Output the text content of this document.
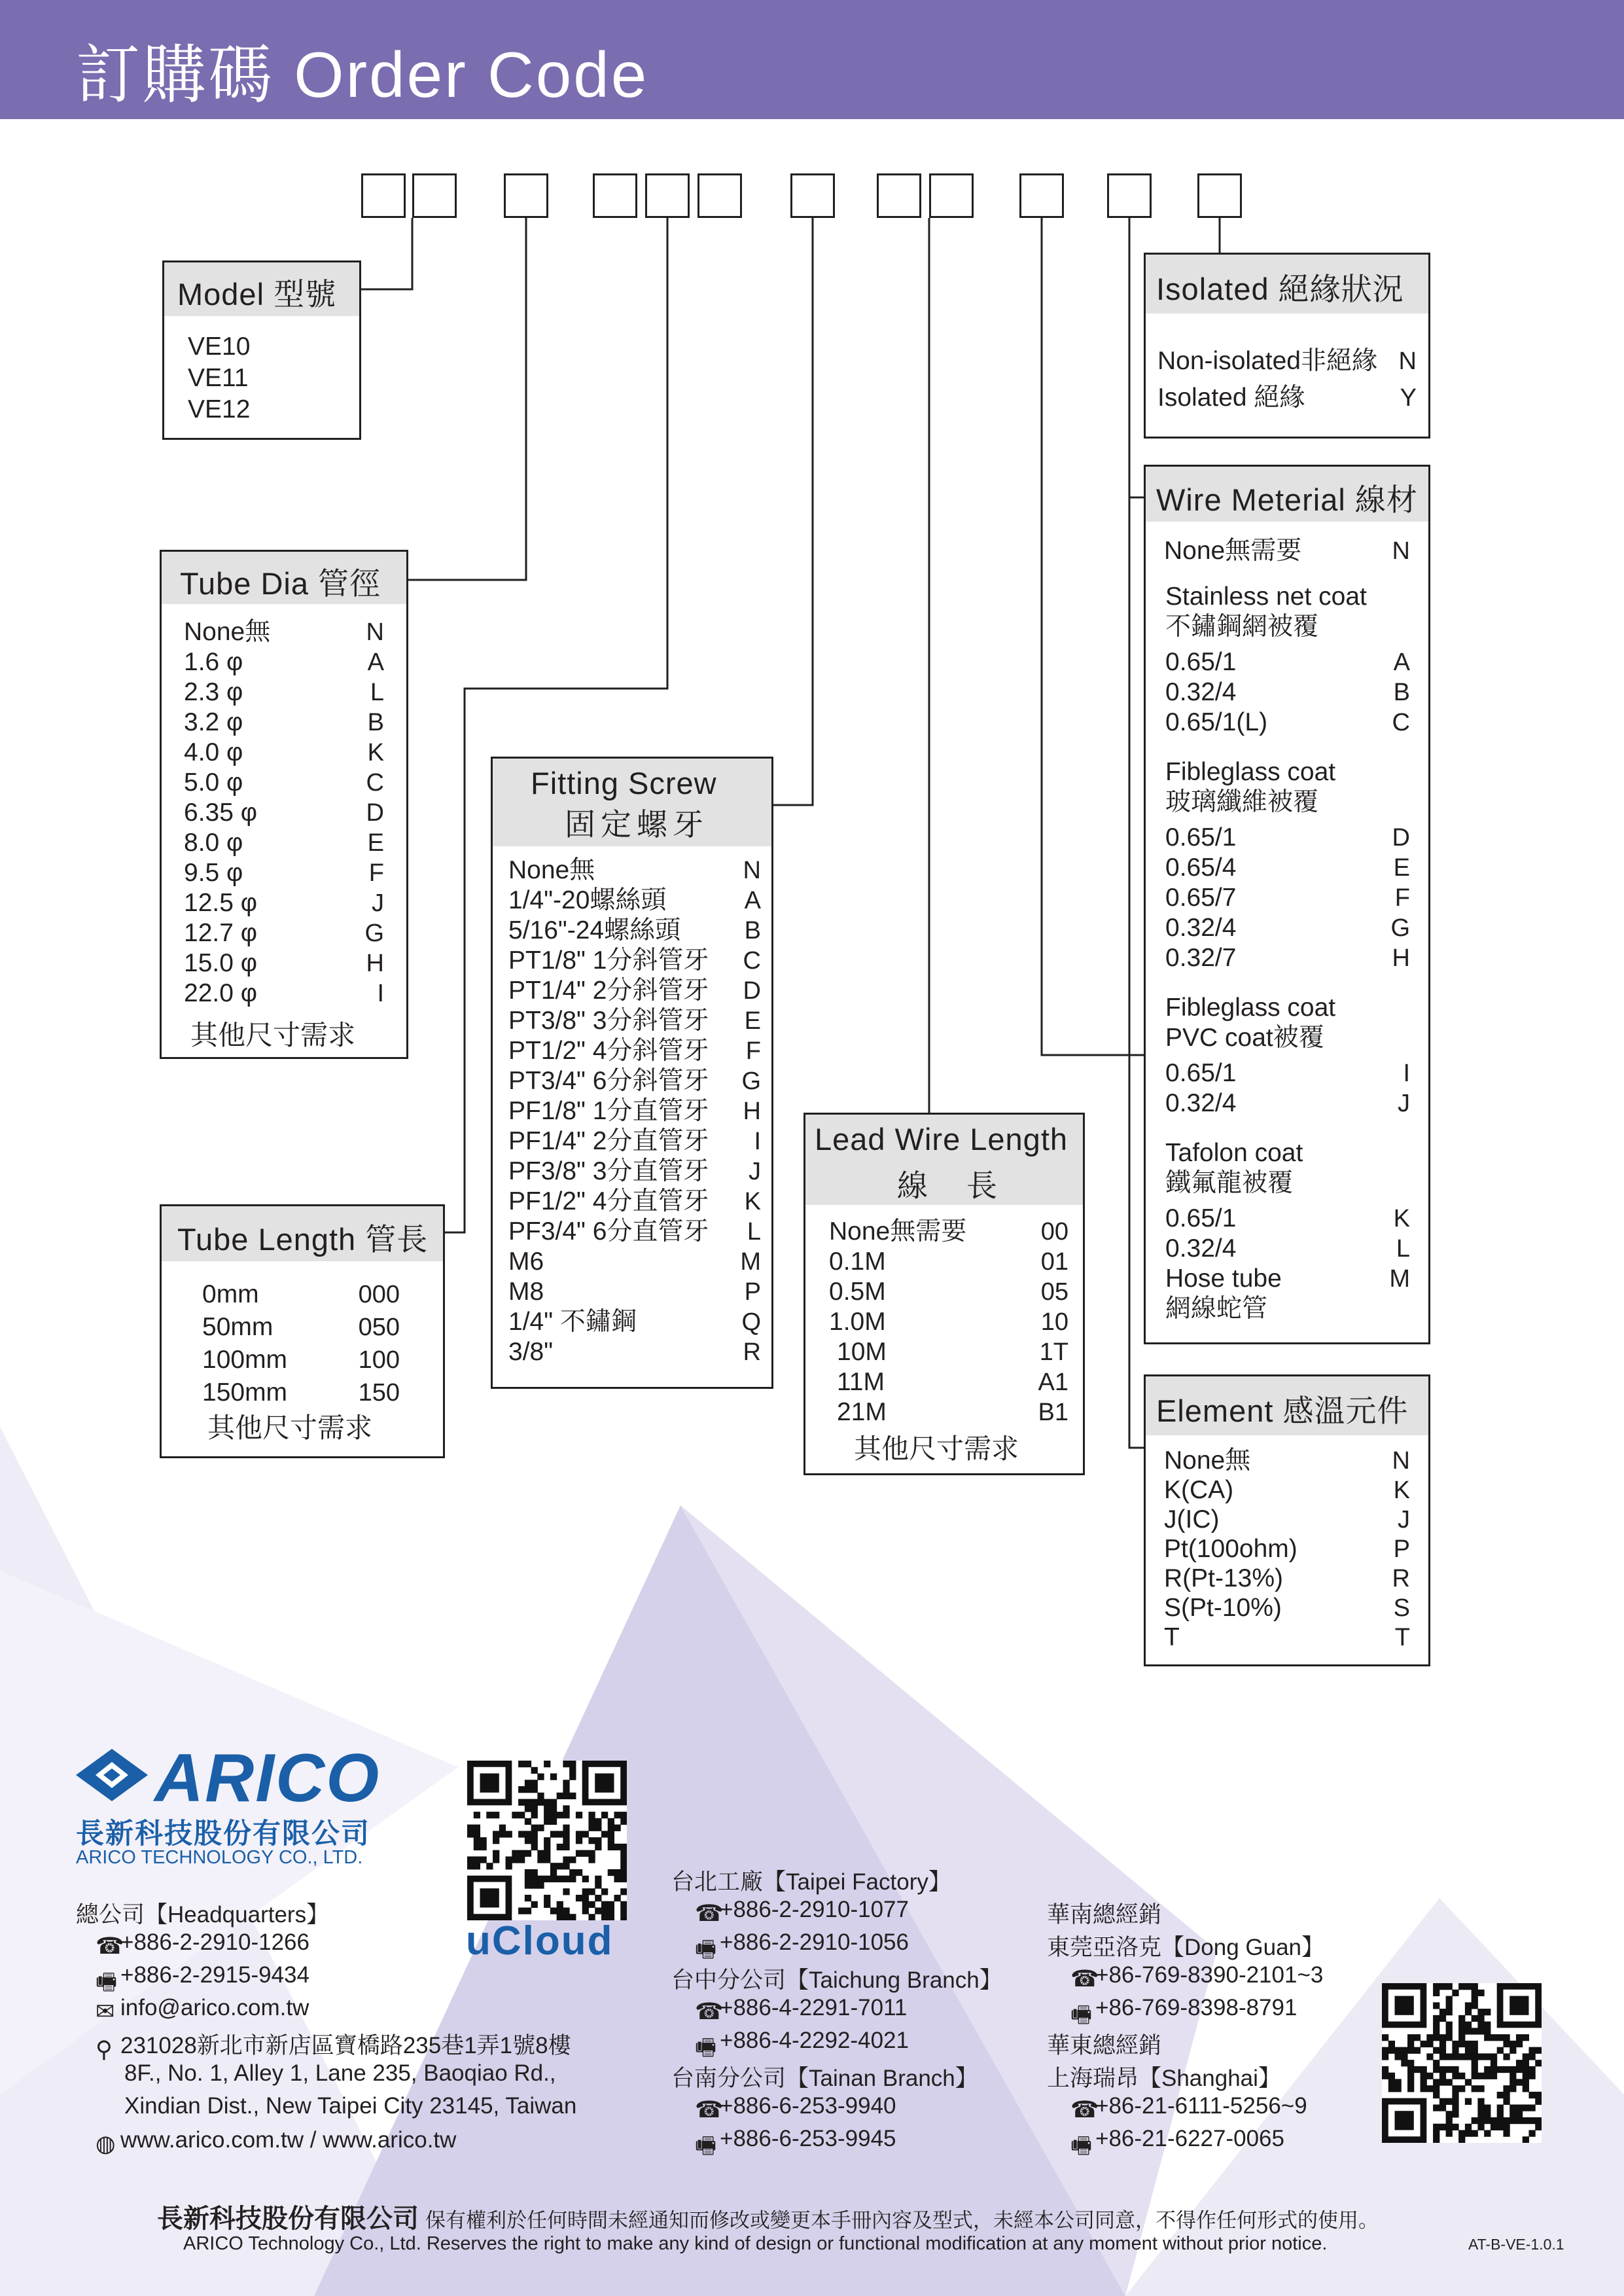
訂購碼 Order Code
Model 型號
VE10
VE11
VE12
Tube Dia 管徑
None無	N
1.6 φ	A
2.3 φ	L
3.2 φ	B
4.0 φ	K
5.0 φ	C
6.35 φ	D
8.0 φ	E
9.5 φ	F
12.5 φ	J
12.7 φ	G
15.0 φ	H
22.0 φ	I
其他尺寸需求
Tube Length 管長
0mm	000
50mm	050
100mm	100
150mm	150
其他尺寸需求
Fitting Screw
固定螺牙
None無	N
1/4"-20螺絲頭	A
5/16"-24螺絲頭	B
PT1/8" 1分斜管牙 C
PT1/4" 2分斜管牙 D
PT3/8" 3分斜管牙 E
PT1/2" 4分斜管牙 F
PT3/4" 6分斜管牙 G
PF1/8" 1分直管牙 H
PF1/4" 2分直管牙 I
PF3/8" 3分直管牙 J
PF1/2" 4分直管牙 K
PF3/4" 6分直管牙 L
M6	M
M8	P
1/4" 不鏽鋼	Q
3/8"	R
Lead Wire Length
線　長
None無需要	00
0.1M	01
0.5M	05
1.0M	10
10M	1T
11M	A1
21M	B1
其他尺寸需求
Isolated 絕緣狀況
Non-isolated非絕緣 N
Isolated 絕緣	Y
Wire Meterial 線材
None無需要	N
Stainless net coat
不鏽鋼網被覆
0.65/1	A
0.32/4	B
0.65/1(L)	C
Fibleglass coat
玻璃纖維被覆
0.65/1	D
0.65/4	E
0.65/7	F
0.32/4	G
0.32/7	H
Fibleglass coat
PVC coat被覆
0.65/1	I
0.32/4	J
Tafolon coat
鐵氟龍被覆
0.65/1	K
0.32/4	L
Hose tube	M
網線蛇管
Element 感溫元件
None無	N
K(CA)	K
J(IC)	J
Pt(100ohm)	P
R(Pt-13%)	R
S(Pt-10%)	S
T	T
ARICO
長新科技股份有限公司
ARICO TECHNOLOGY CO., LTD.
uCloud
總公司【Headquarters】
☎+886-2-2910-1266
🖷 +886-2-2915-9434
✉ info@arico.com.tw
⚲ 231028新北市新店區寶橋路235巷1弄1號8樓
8F., No. 1, Alley 1, Lane 235, Baoqiao Rd.,
Xindian Dist., New Taipei City 23145, Taiwan
◍ www.arico.com.tw / www.arico.tw
台北工廠【Taipei Factory】
☎+886-2-2910-1077
🖷 +886-2-2910-1056
台中分公司【Taichung Branch】
☎+886-4-2291-7011
🖷 +886-4-2292-4021
台南分公司【Tainan Branch】
☎+886-6-253-9940
🖷 +886-6-253-9945
華南總經銷
東莞亞洛克【Dong Guan】
☎+86-769-8390-2101~3
🖷 +86-769-8398-8791
華東總經銷
上海瑞昂【Shanghai】
☎+86-21-6111-5256~9
🖷 +86-21-6227-0065
長新科技股份有限公司 保有權利於任何時間未經通知而修改或變更本手冊內容及型式，未經本公司同意，不得作任何形式的使用。
ARICO Technology Co., Ltd. Reserves the right to make any kind of design or functional modification at any moment without prior notice.	AT-B-VE-1.0.1
